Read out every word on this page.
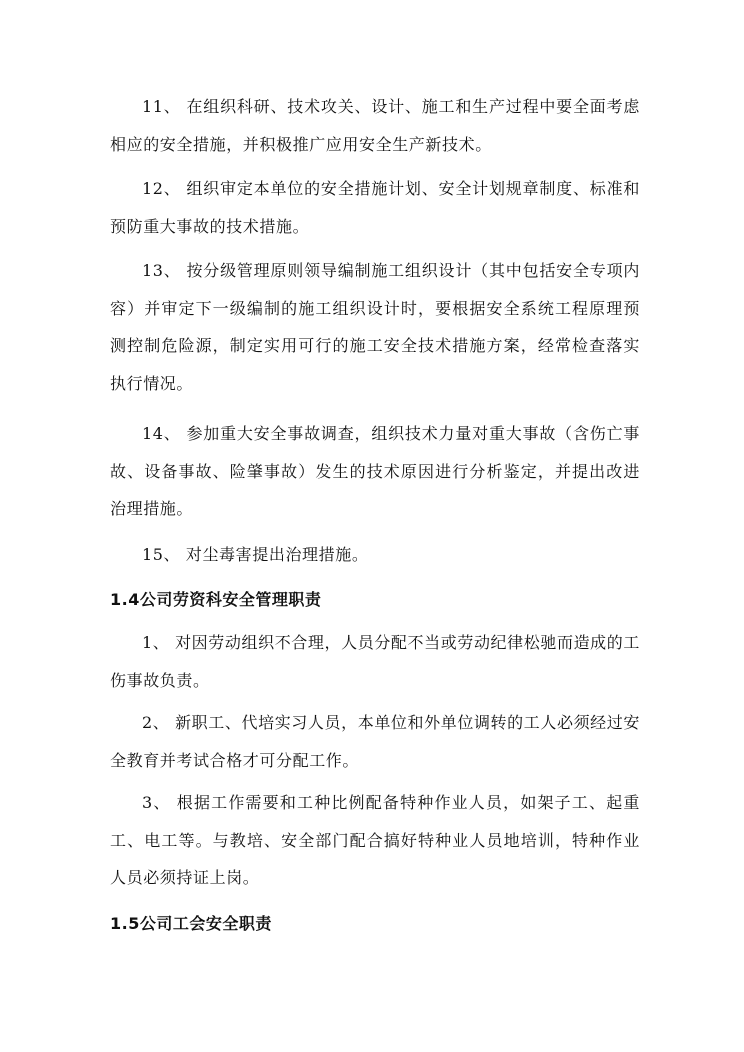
11、 在组织科研、技术攻关、设计、施工和生产过程中要全面考虑相应的安全措施，并积极推广应用安全生产新技术。

12、 组织审定本单位的安全措施计划、安全计划规章制度、标准和预防重大事故的技术措施。

13、 按分级管理原则领导编制施工组织设计（其中包括安全专项内容）并审定下一级编制的施工组织设计时，要根据安全系统工程原理预测控制危险源，制定实用可行的施工安全技术措施方案，经常检查落实执行情况。

14、 参加重大安全事故调查，组织技术力量对重大事故（含伤亡事故、设备事故、险肇事故）发生的技术原因进行分析鉴定，并提出改进治理措施。

15、 对尘毒害提出治理措施。

1.4公司劳资科安全管理职责

1、 对因劳动组织不合理，人员分配不当或劳动纪律松驰而造成的工伤事故负责。

2、 新职工、代培实习人员，本单位和外单位调转的工人必须经过安全教育并考试合格才可分配工作。

3、 根据工作需要和工种比例配备特种作业人员，如架子工、起重工、电工等。与教培、安全部门配合搞好特种业人员地培训，特种作业人员必须持证上岗。

1.5公司工会安全职责
